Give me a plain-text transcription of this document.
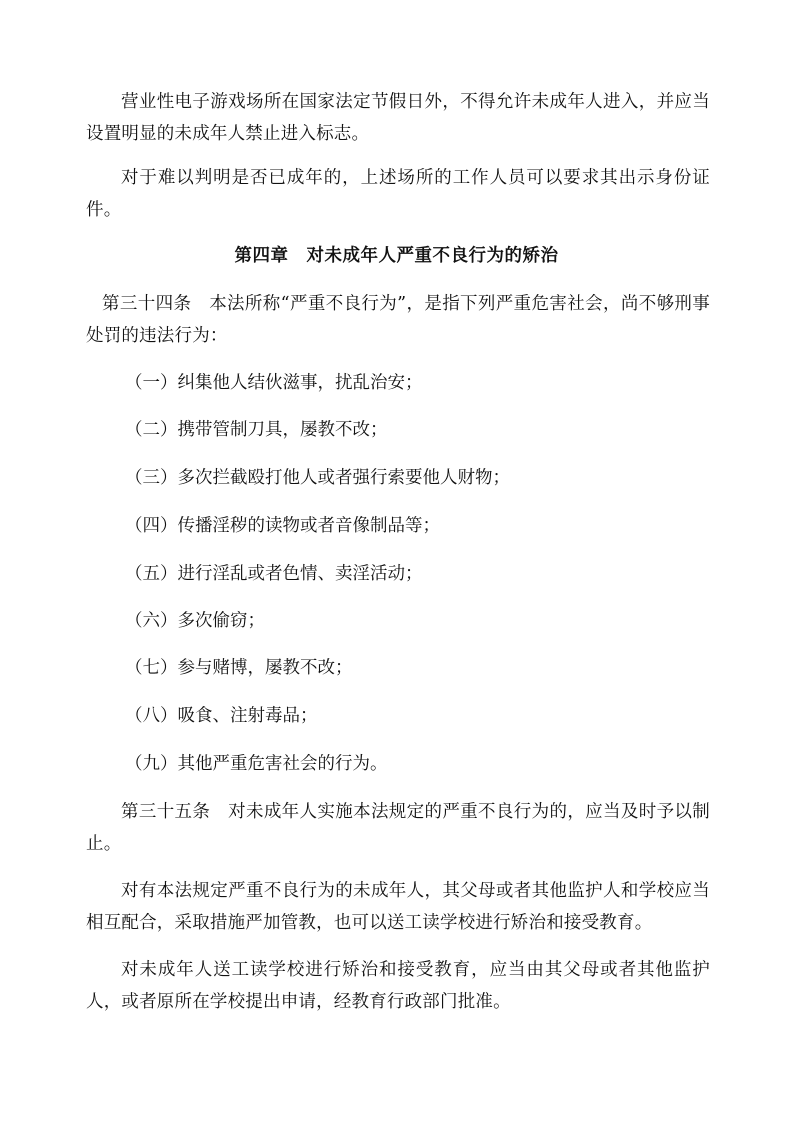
营业性电子游戏场所在国家法定节假日外，不得允许未成年人进入，并应当设置明显的未成年人禁止进入标志。

对于难以判明是否已成年的，上述场所的工作人员可以要求其出示身份证件。

第四章　对未成年人严重不良行为的矫治

第三十四条　本法所称“严重不良行为”，是指下列严重危害社会，尚不够刑事处罚的违法行为：

（一）纠集他人结伙滋事，扰乱治安；

（二）携带管制刀具，屡教不改；

（三）多次拦截殴打他人或者强行索要他人财物；

（四）传播淫秽的读物或者音像制品等；

（五）进行淫乱或者色情、卖淫活动；

（六）多次偷窃；

（七）参与赌博，屡教不改；

（八）吸食、注射毒品；

（九）其他严重危害社会的行为。

第三十五条　对未成年人实施本法规定的严重不良行为的，应当及时予以制止。

对有本法规定严重不良行为的未成年人，其父母或者其他监护人和学校应当相互配合，采取措施严加管教，也可以送工读学校进行矫治和接受教育。

对未成年人送工读学校进行矫治和接受教育，应当由其父母或者其他监护人，或者原所在学校提出申请，经教育行政部门批准。
